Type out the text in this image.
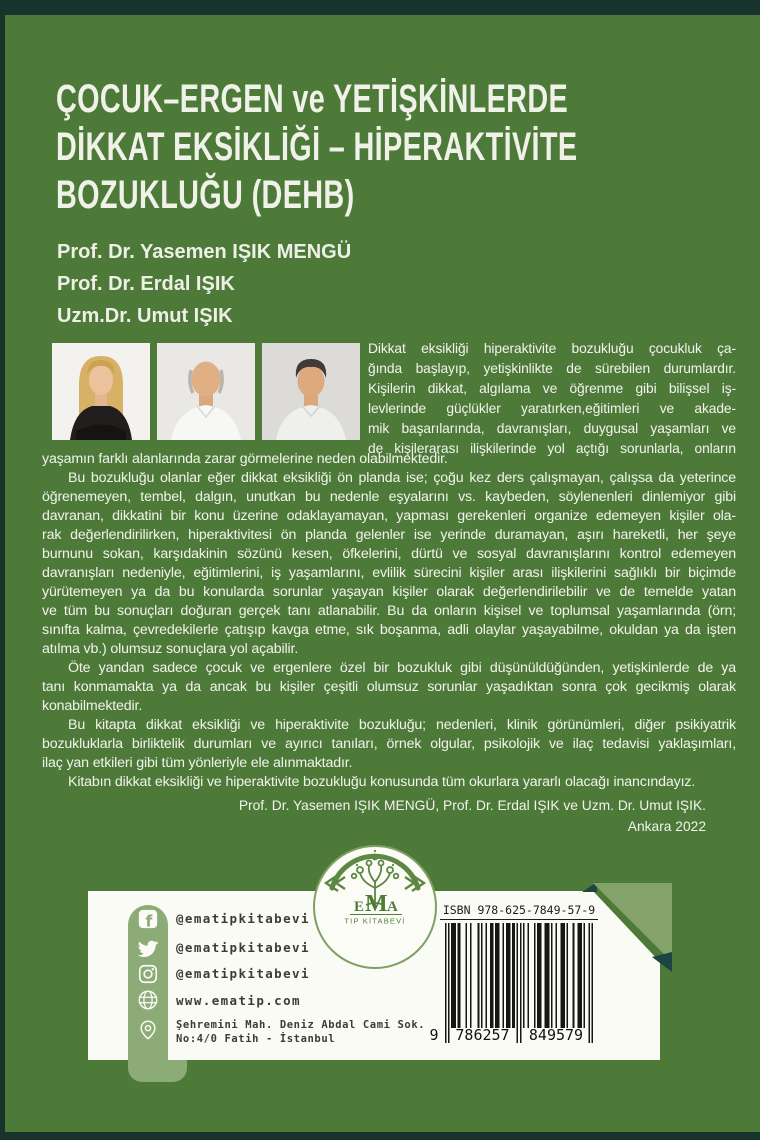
ÇOCUK–ERGEN ve YETİŞKİNLERDE
DİKKAT EKSİKLİĞİ – HİPERAKTİVİTE
BOZUKLUĞU (DEHB)
Prof. Dr. Yasemen IŞIK MENGÜ
Prof. Dr. Erdal IŞIK
Uzm.Dr. Umut IŞIK
Dikkat eksikliği hiperaktivite bozukluğu çocukluk ça-
ğında başlayıp, yetişkinlikte de sürebilen durumlardır.
Kişilerin dikkat, algılama ve öğrenme gibi bilişsel iş-
levlerinde güçlükler yaratırken,eğitimleri ve akade-
mik başarılarında, davranışları, duygusal yaşamları ve
de kişilerarası ilişkilerinde yol açtığı sorunlarla, onların
yaşamın farklı alanlarında zarar görmelerine neden olabilmektedir.
Bu bozukluğu olanlar eğer dikkat eksikliği ön planda ise; çoğu kez ders çalışmayan, çalışsa da yeterince
öğrenemeyen, tembel, dalgın, unutkan bu nedenle eşyalarını vs. kaybeden, söylenenleri dinlemiyor gibi
davranan, dikkatini bir konu üzerine odaklayamayan, yapması gerekenleri organize edemeyen kişiler ola-
rak değerlendirilirken, hiperaktivitesi ön planda gelenler ise yerinde duramayan, aşırı hareketli, her şeye
burnunu sokan, karşıdakinin sözünü kesen, öfkelerini, dürtü ve sosyal davranışlarını kontrol edemeyen
davranışları nedeniyle, eğitimlerini, iş yaşamlarını, evlilik sürecini kişiler arası ilişkilerini sağlıklı bir biçimde
yürütemeyen ya da bu konularda sorunlar yaşayan kişiler olarak değerlendirilebilir ve de temelde yatan
ve tüm bu sonuçları doğuran gerçek tanı atlanabilir. Bu da onların kişisel ve toplumsal yaşamlarında (örn;
sınıfta kalma, çevredekilerle çatışıp kavga etme, sık boşanma, adli olaylar yaşayabilme, okuldan ya da işten
atılma vb.) olumsuz sonuçlara yol açabilir.
Öte yandan sadece çocuk ve ergenlere özel bir bozukluk gibi düşünüldüğünden, yetişkinlerde de ya
tanı konmamakta ya da ancak bu kişiler çeşitli olumsuz sorunlar yaşadıktan sonra çok gecikmiş olarak
konabilmektedir.
Bu kitapta dikkat eksikliği ve hiperaktivite bozukluğu; nedenleri, klinik görünümleri, diğer psikiyatrik
bozukluklarla birliktelik durumları ve ayırıcı tanıları, örnek olgular, psikolojik ve ilaç tedavisi yaklaşımları,
ilaç yan etkileri gibi tüm yönleriyle ele alınmaktadır.
Kitabın dikkat eksikliği ve hiperaktivite bozukluğu konusunda tüm okurlara yararlı olacağı inancındayız.
Prof. Dr. Yasemen IŞIK MENGÜ, Prof. Dr. Erdal IŞIK ve Uzm. Dr. Umut IŞIK.
Ankara 2022
f @ematipkitabevi
@ematipkitabevi
@ematipkitabevi
www.ematip.com
Şehremini Mah. Deniz Abdal Cami Sok.
No:4/0 Fatih - İstanbul
E M A
TIP KİTABEVİ
ISBN 978-625-7849-57-9
9	786257	849579
